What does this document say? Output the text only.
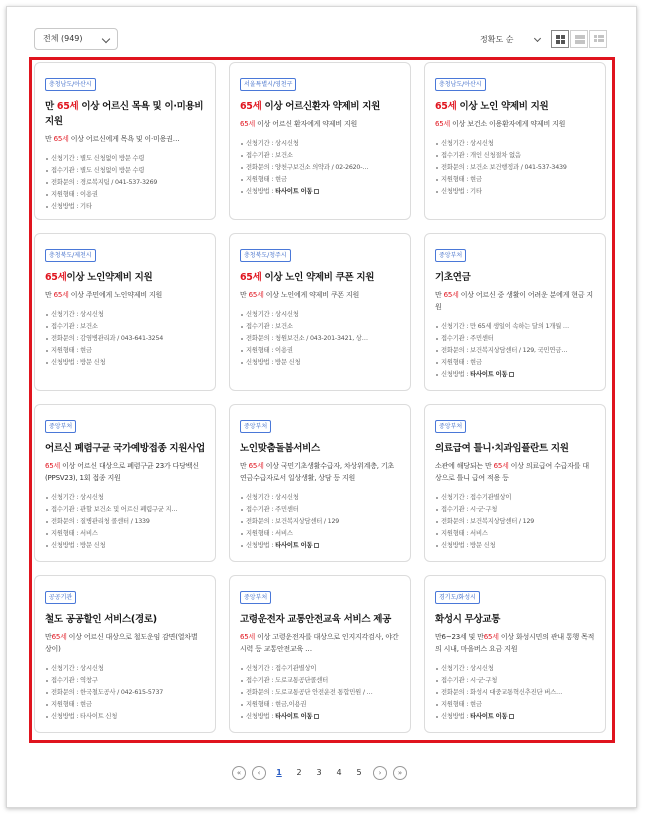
전체 (949)	정확도 순
충청남도/아산시
만 65세 이상 어르신 목욕 및 이·미용비 지원
만 65세 이상 어르신에게 목욕 및 이·미용권…
신청기간 : 별도 신청없이 방문 수령
접수기관 : 별도 신청없이 방문 수령
전화문의 : 경로복지팀 / 041-537-3269
지원형태 : 이용권
신청방법 : 기타
서울특별시/영천구
65세 이상 어르신환자 약제비 지원
65세 이상 어르신 환자에게 약제비 지원
신청기간 : 상시신청
접수기관 : 보건소
전화문의 : 양천구보건소 의약과 / 02-2620-…
지원형태 : 현금
신청방법 : 타사이트 이동
충청남도/아산시
65세 이상 노인 약제비 지원
65세 이상 보건소 이용환자에게 약제비 지원
신청기간 : 상시신청
접수기관 : 개인 신청절차 없음
전화문의 : 보건소 보건행정과 / 041-537-3439
지원형태 : 현금
신청방법 : 기타
충청북도/제천시
65세이상 노인약제비 지원
만 65세 이상 주민에게 노인약제비 지원
신청기간 : 상시신청
접수기관 : 보건소
전화문의 : 감염병관리과 / 043-641-3254
지원형태 : 현금
신청방법 : 방문 신청
충청북도/청주시
65세 이상 노인 약제비 쿠폰 지원
만 65세 이상 노인에게 약제비 쿠폰 지원
신청기간 : 상시신청
접수기관 : 보건소
전화문의 : 청원보건소 / 043-201-3421, 상…
지원형태 : 이용권
신청방법 : 방문 신청
중앙부처
기초연금
만 65세 이상 어르신 중 생활이 어려운 분에게 현금 지원
신청기간 : 만 65세 생일이 속하는 달의 1개월 …
접수기관 : 주민센터
전화문의 : 보건복지상담센터 / 129, 국민연금…
지원형태 : 현금
신청방법 : 타사이트 이동
중앙부처
어르신 폐렴구균 국가예방접종 지원사업
65세 이상 어르신 대상으로 폐렴구균 23가 다당백신(PPSV23), 1회 접종 지원
신청기간 : 상시신청
접수기관 : 관할 보건소 및 어르신 폐렴구균 지…
전화문의 : 질병관리청 콜센터 / 1339
지원형태 : 서비스
신청방법 : 방문 신청
중앙부처
노인맞춤돌봄서비스
만 65세 이상 국민기초생활수급자, 차상위계층, 기초연금수급자로서 일상생활, 상담 등 지원
신청기간 : 상시신청
접수기관 : 주민센터
전화문의 : 보건복지상담센터 / 129
지원형태 : 서비스
신청방법 : 타사이트 이동
중앙부처
의료급여 틀니·치과임플란트 지원
소관에 해당되는 만 65세 이상 의료급여 수급자를 대상으로 틀니 급여 적용 등
신청기간 : 접수기관별상이
접수기관 : 시·군·구청
전화문의 : 보건복지상담센터 / 129
지원형태 : 서비스
신청방법 : 방문 신청
공공기관
철도 공공할인 서비스(경로)
만65세 이상 어르신 대상으로 철도운임 감면(열차별 상이)
신청기간 : 상시신청
접수기관 : 역창구
전화문의 : 한국철도공사 / 042-615-5737
지원형태 : 현금
신청방법 : 타사이트 신청
중앙부처
고령운전자 교통안전교육 서비스 제공
65세 이상 고령운전자를 대상으로 인지지각검사, 야간시력 등 교통안전교육 …
신청기간 : 접수기관별상이
접수기관 : 도로교통공단콜센터
전화문의 : 도로교통공단 안전운전 통합민원 / …
지원형태 : 현금,이용권
신청방법 : 타사이트 이동
경기도/화성시
화성시 무상교통
만6~23세 및 만65세 이상 화성시민의 관내 통행 목적의 시내, 마을버스 요금 지원
신청기간 : 상시신청
접수기관 : 시·군·구청
전화문의 : 화성시 대중교통혁신추진단 버스…
지원형태 : 현금
신청방법 : 타사이트 이동
«	‹	1	2	3	4	5	›	»
